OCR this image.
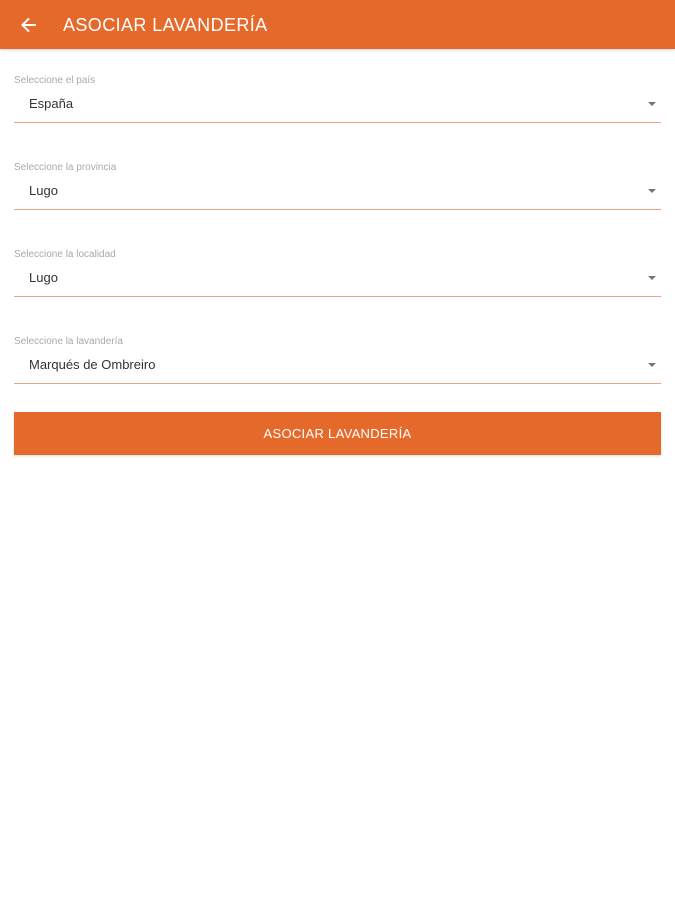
ASOCIAR LAVANDERÍA
Seleccione el país
España
Seleccione la provincia
Lugo
Seleccione la localidad
Lugo
Seleccione la lavandería
Marqués de Ombreiro
ASOCIAR LAVANDERÍA
